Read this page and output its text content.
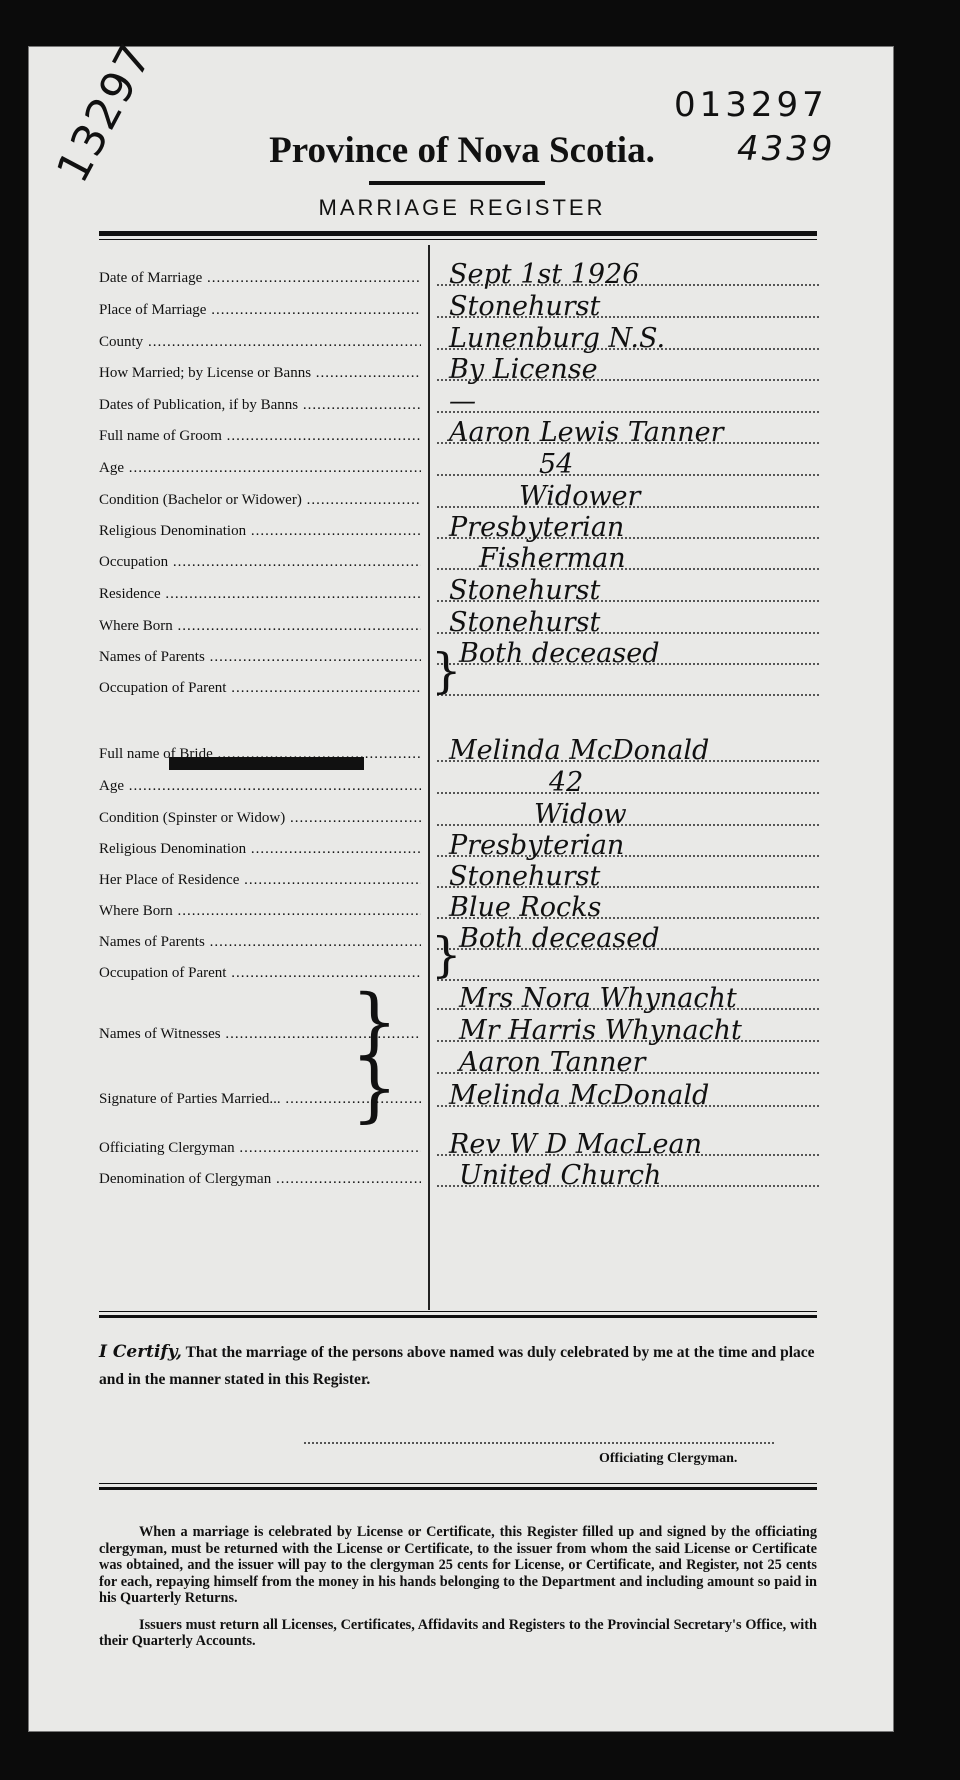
013297
4339
13297	Province of Nova Scotia.
MARRIAGE REGISTER
Date of Marriage .....	Sept 1st 1926
Place of Marriage .....	Stonehurst
County .....	Lunenburg N.S.
How Married; by License or Banns .....	By License
Dates of Publication, if by Banns .....	—
Full name of Groom .....	Aaron Lewis Tanner
Age .....	54
Condition (Bachelor or Widower) .....	Widower
Religious Denomination .....	Presbyterian
Occupation .....	Fisherman
Residence .....	Stonehurst
Where Born .....	Stonehurst
Names of Parents .....	Both deceased
Occupation of Parent .....	}
Full name of Bride .....	Melinda McDonald
Age .....	42
Condition (Spinster or Widow) .....	Widow
Religious Denomination .....	Presbyterian
Her Place of Residence .....	Stonehurst
Where Born .....	Blue Rocks
Names of Parents .....	Both deceased
Occupation of Parent .....	}
Mrs Nora Whynacht
Names of Witnesses .....	Mr Harris Whynacht
} Aaron Tanner
Signature of Parties Married... .....	Melinda McDonald
}
Officiating Clergyman .....	Rev W D MacLean
Denomination of Clergyman .....	United Church
I Certify, That the marriage of the persons above named was duly celebrated by me at the time and place and in the manner stated in this Register.
Officiating Clergyman.

When a marriage is celebrated by License or Certificate, this Register filled up and signed by the officiating clergyman, must be returned with the License or Certificate, to the issuer from whom the said License or Certificate was obtained, and the issuer will pay to the clergyman 25 cents for License, or Certificate, and Register, not 25 cents for each, repaying himself from the money in his hands belonging to the Department and including amount so paid in his Quarterly Returns.

Issuers must return all Licenses, Certificates, Affidavits and Registers to the Provincial Secretary's Office, with their Quarterly Accounts.
